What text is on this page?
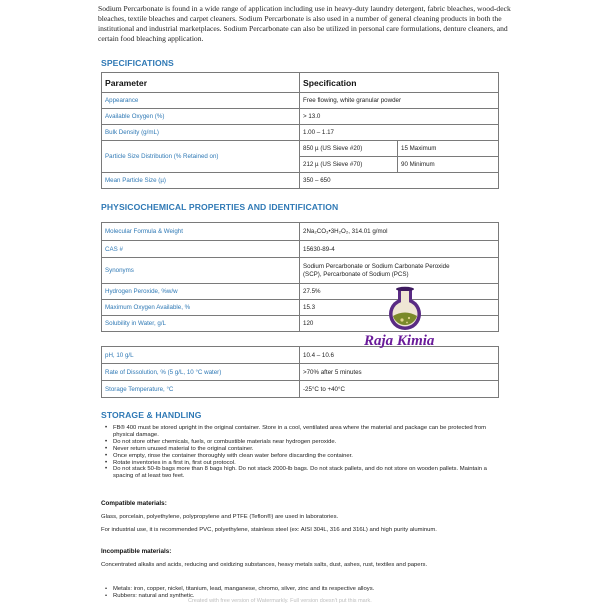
Sodium Percarbonate is found in a wide range of application including use in heavy-duty laundry detergent, fabric bleaches, wood-deck bleaches, textile bleaches and carpet cleaners. Sodium Percarbonate is also used in a number of general cleaning products in both the institutional and industrial marketplaces. Sodium Percarbonate can also be utilized in personal care formulations, denture cleaners, and certain food bleaching application.

SPECIFICATIONS
Parameter	Specification	
Appearance	Free flowing, white granular powder	
Available Oxygen (%)	> 13.0	
Bulk Density (g/mL)	1.00 – 1.17	
Particle Size Distribution (% Retained on)	850 µ (US Sieve #20)	15 Maximum
	212 µ (US Sieve #70)	90 Minimum
Mean Particle Size (µ)	350 – 650	
PHYSICOCHEMICAL PROPERTIES AND IDENTIFICATION
Molecular Formula & Weight	2Na₂CO₃•3H₂O₂, 314.01 g/mol
CAS #	15630-89-4
Synonyms	Sodium Percarbonate or Sodium Carbonate Peroxide
(SCP), Percarbonate of Sodium (PCS)

Hydrogen Peroxide, %w/w	27.5%
Maximum Oxygen Available, %	15.3
Solubility in Water, g/L	120
pH, 10 g/L	10.4 – 10.6
Rate of Dissolution, % (5 g/L, 10 °C water)	>70% after 5 minutes
Storage Temperature, °C	-25°C to +40°C
Raja Kimia
STORAGE & HANDLING
• FB® 400 must be stored upright in the original container. Store in a cool, ventilated area where the material and package can be protected from physical damage.
• Do not store other chemicals, fuels, or combustible materials near hydrogen peroxide.
• Never return unused material to the original container.
• Once empty, rinse the container thoroughly with clean water before discarding the container.
• Rotate inventories in a first in, first out protocol.
• Do not stack 50-lb bags more than 8 bags high. Do not stack 2000-lb bags. Do not stack pallets, and do not store on wooden pallets. Maintain a spacing of at least two feet.

Compatible materials:

Glass, porcelain, polyethylene, polypropylene and PTFE (Teflon®) are used in laboratories.

For industrial use, it is recommended PVC, polyethylene, stainless steel (ex: AISI 304L, 316 and 316L) and high purity aluminum.

Incompatible materials:

Concentrated alkalis and acids, reducing and oxidizing substances, heavy metals salts, dust, ashes, rust, textiles and papers.

• Metals: iron, copper, nickel, titanium, lead, manganese, chromo, silver, zinc and its respective alloys.
• Rubbers: natural and synthetic.

Created with free version of Watermarkly. Full version doesn't put this mark.
